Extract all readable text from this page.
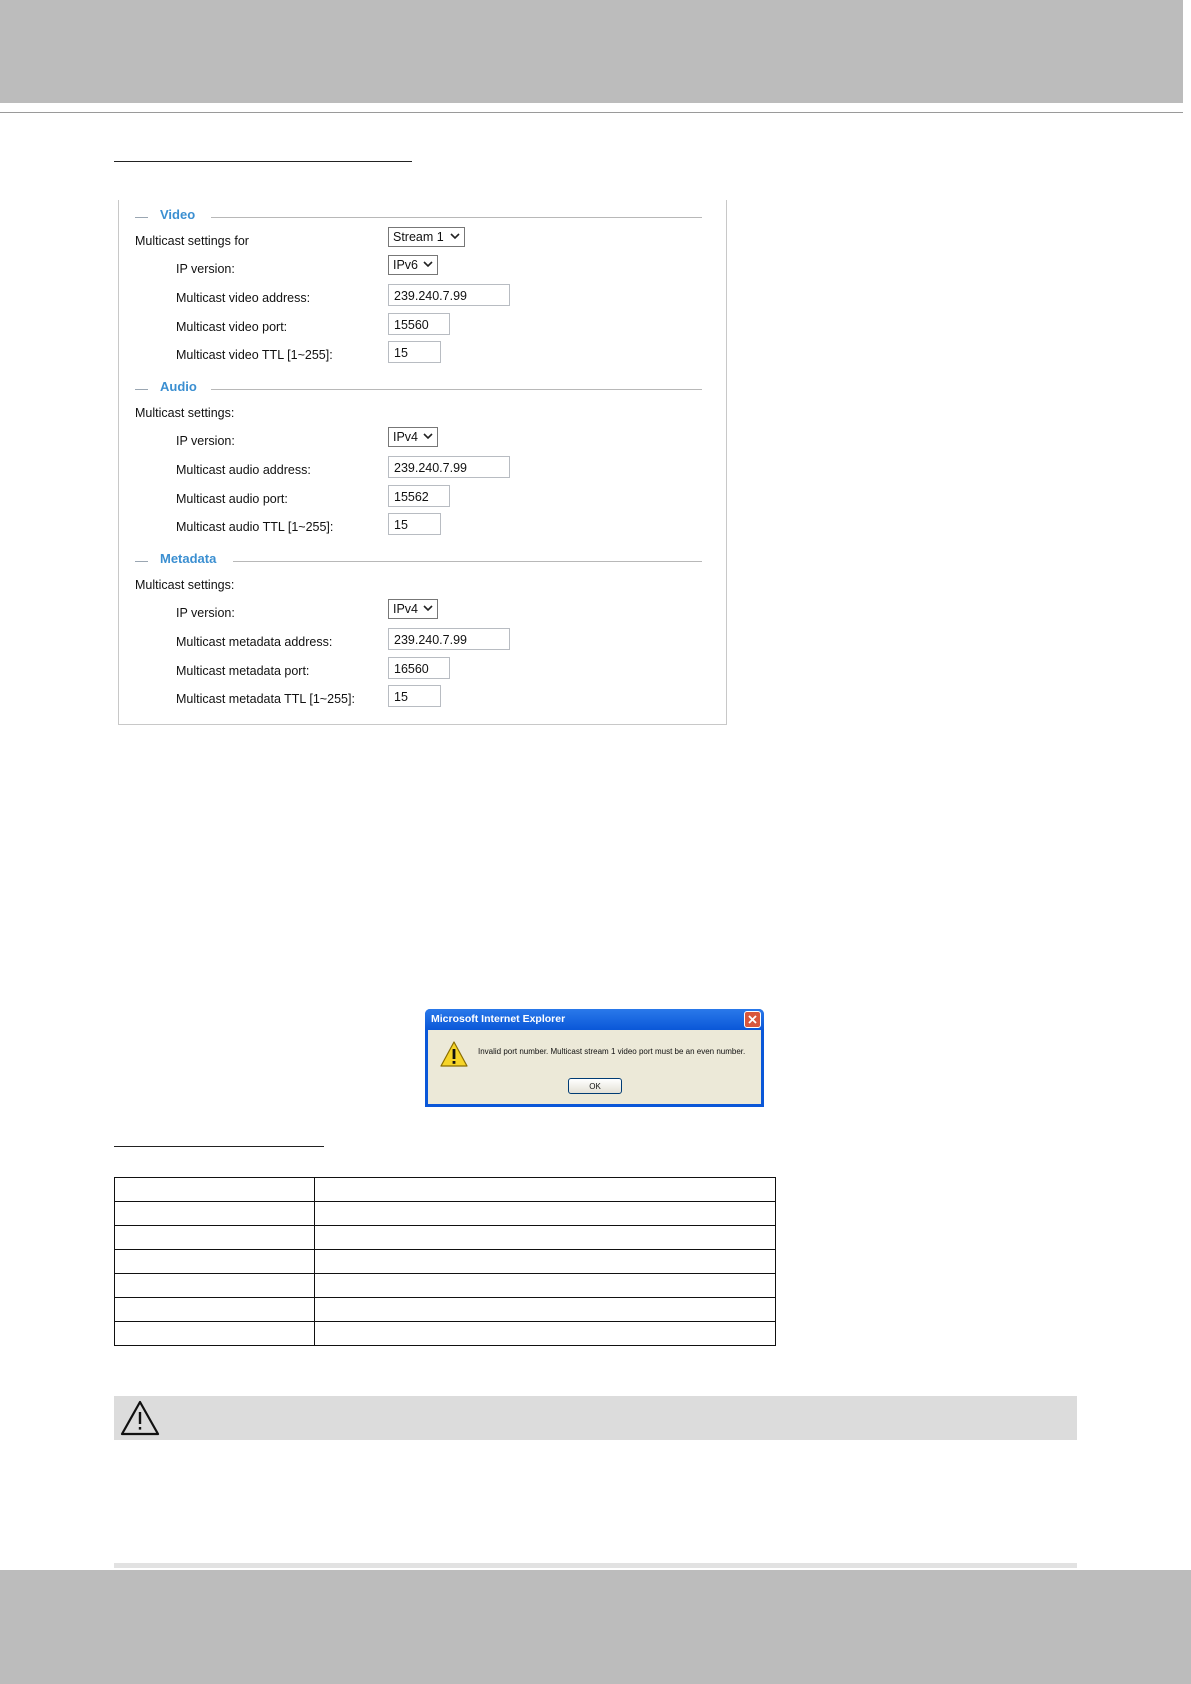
Video
Multicast settings for	Stream 1
IP version:	IPv6
Multicast video address:	239.240.7.99
Multicast video port:	15560
Multicast video TTL [1~255]:	15
Audio
Multicast settings:
IP version:	IPv4
Multicast audio address:	239.240.7.99
Multicast audio port:	15562
Multicast audio TTL [1~255]:	15
Metadata
Multicast settings:
IP version:	IPv4
Multicast metadata address:	239.240.7.99
Multicast metadata port:	16560
Multicast metadata TTL [1~255]:	15
Microsoft Internet Explorer
Invalid port number. Multicast stream 1 video port must be an even number.
OK
